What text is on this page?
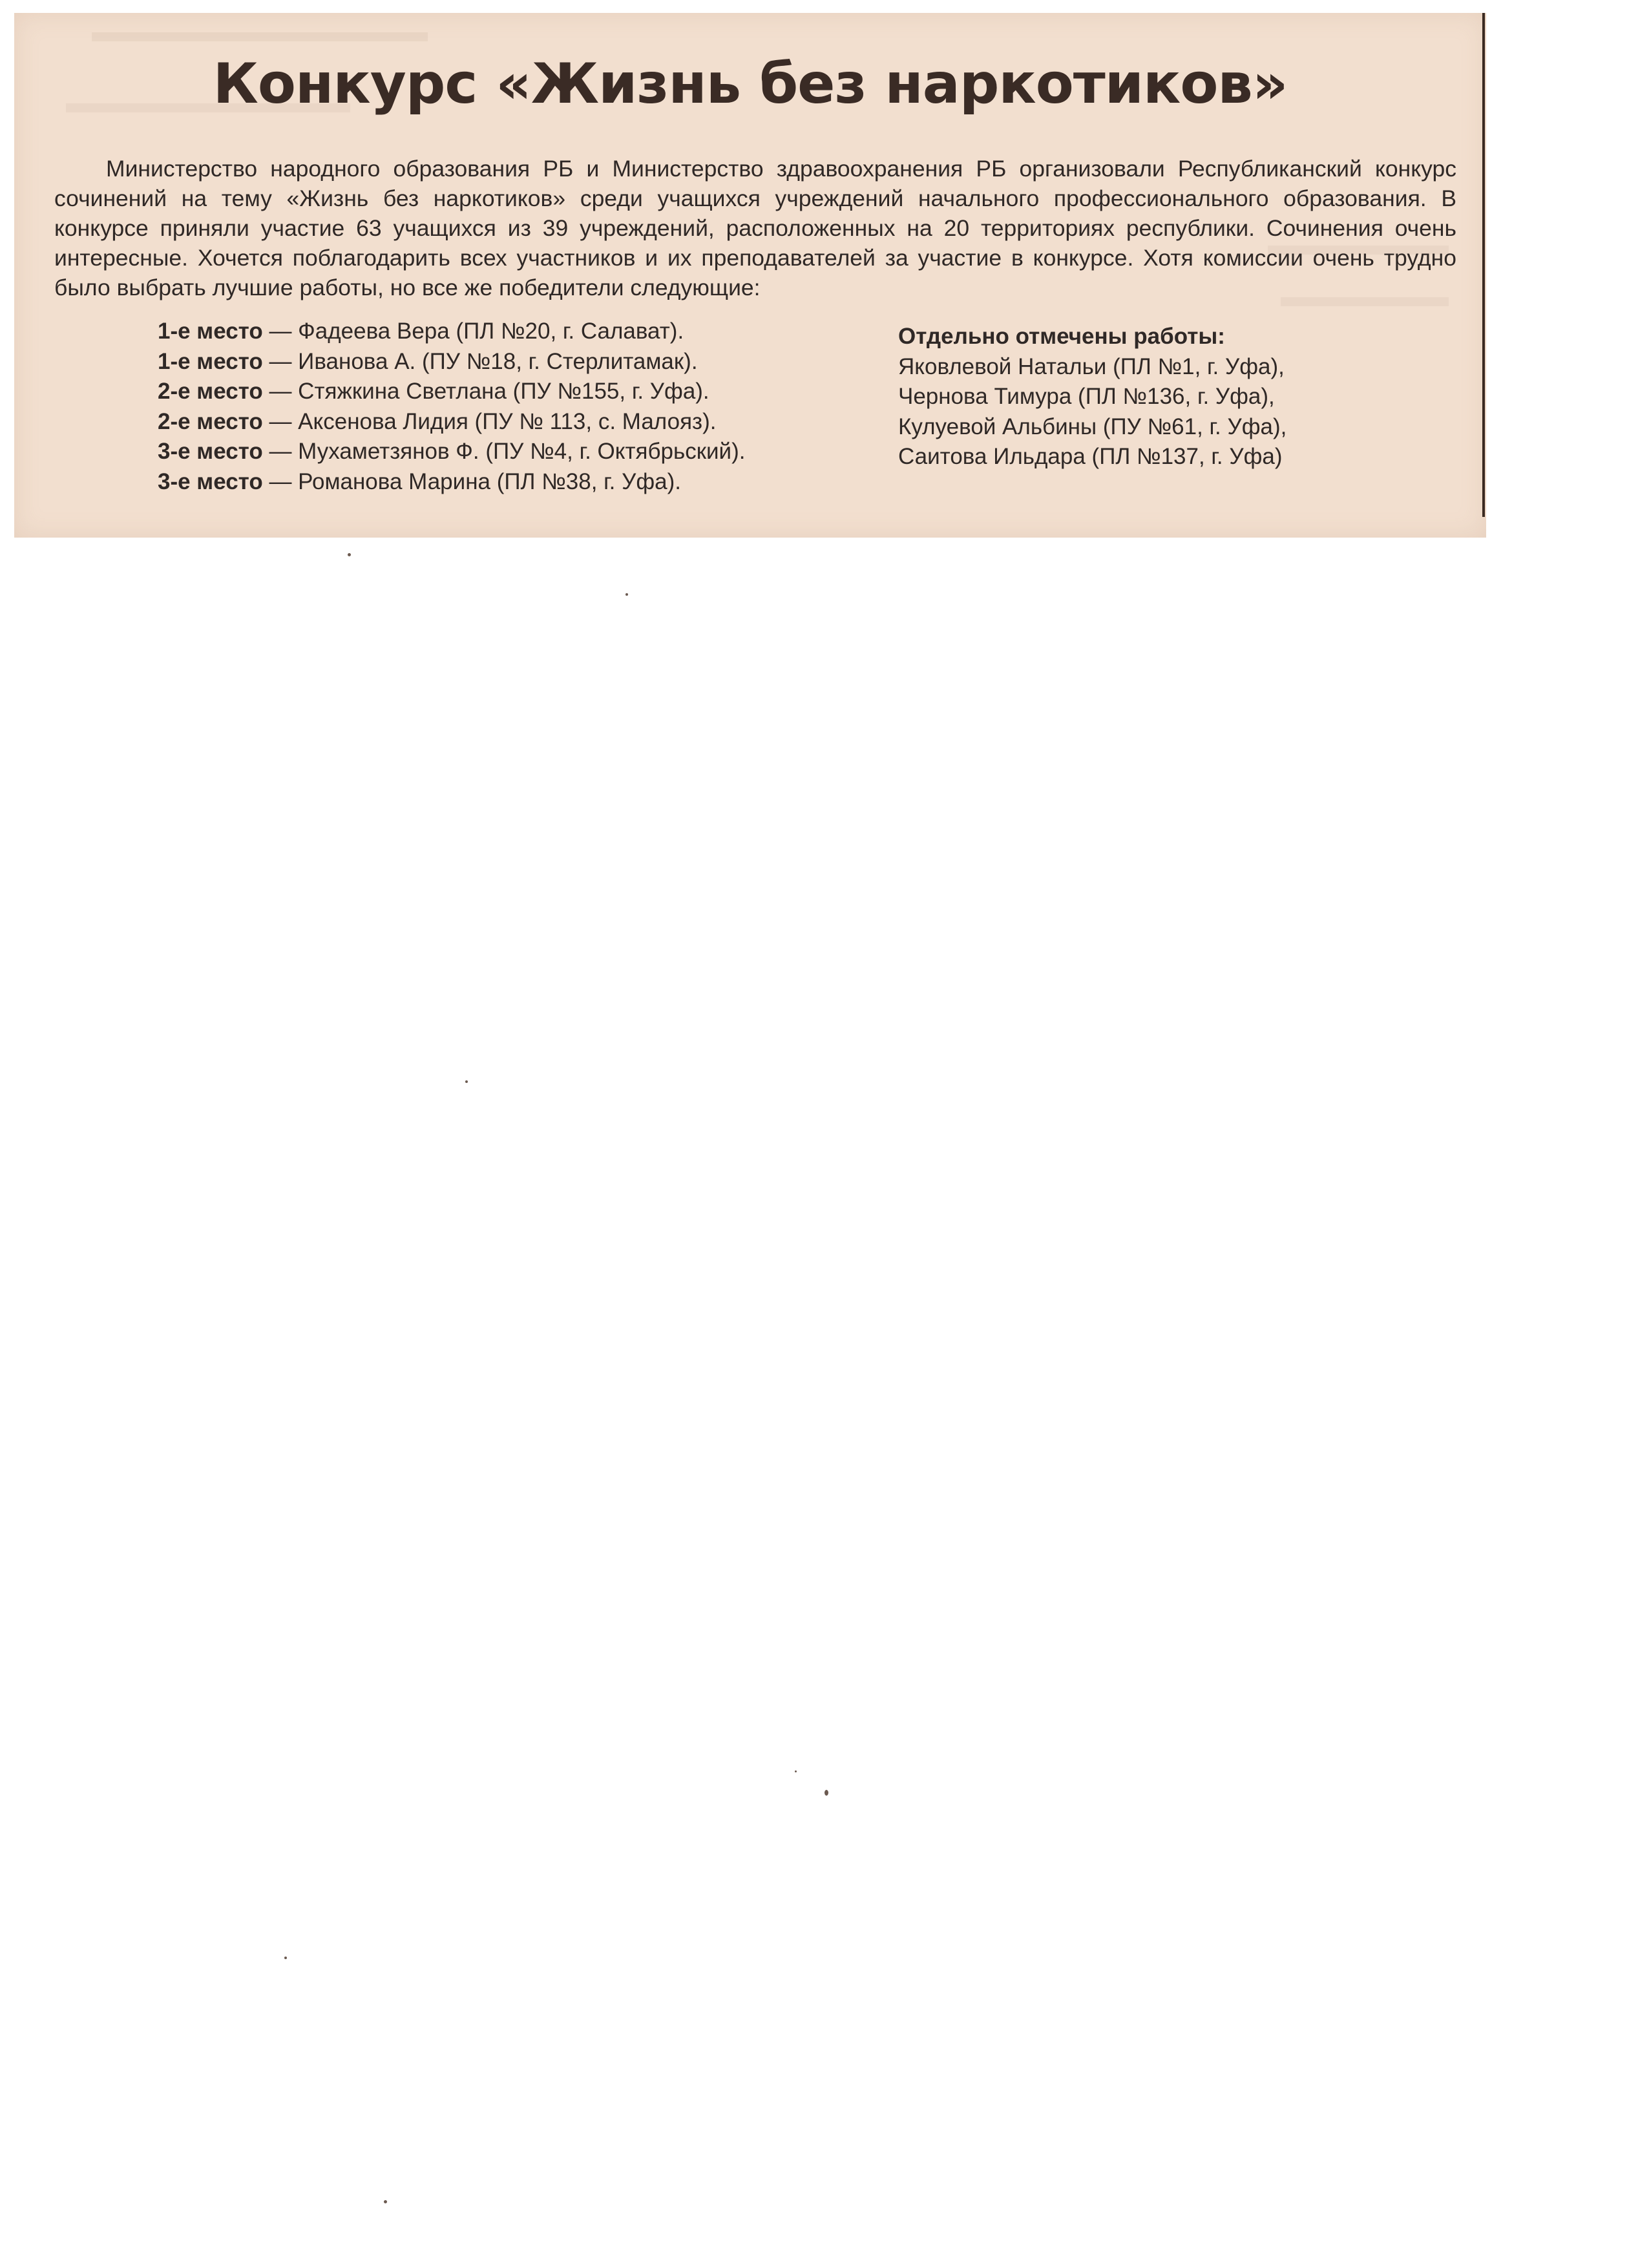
Конкурс «Жизнь без наркотиков»
Министерство народного образования РБ и Министерство здравоохранения РБ организовали Республиканский конкурс сочинений на тему «Жизнь без наркотиков» среди учащихся учреждений начального профессионального образования. В конкурсе приняли участие 63 учащихся из 39 учреждений, расположенных на 20 территориях республики. Сочинения очень интересные. Хочется поблагодарить всех участников и их преподавателей за участие в конкурсе. Хотя комиссии очень трудно было выбрать лучшие работы, но все же победители следующие:
1-е место — Фадеева Вера (ПЛ №20, г. Салават).
1-е место — Иванова А. (ПУ №18, г. Стерлитамак).
2-е место — Стяжкина Светлана (ПУ №155, г. Уфа).
2-е место — Аксенова Лидия (ПУ № 113, с. Малояз).
3-е место — Мухаметзянов Ф. (ПУ №4, г. Октябрьский).
3-е место — Романова Марина (ПЛ №38, г. Уфа).
Отдельно отмечены работы:
Яковлевой Натальи (ПЛ №1, г. Уфа),
Чернова Тимура (ПЛ №136, г. Уфа),
Кулуевой Альбины (ПУ №61, г. Уфа),
Саитова Ильдара (ПЛ №137, г. Уфа)
